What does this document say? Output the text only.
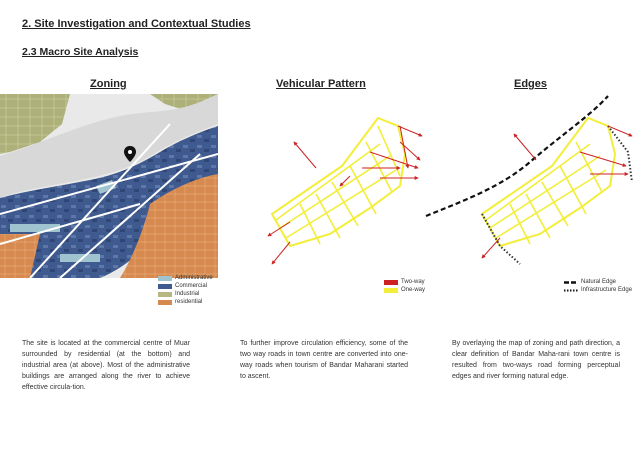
2. Site Investigation and Contextual Studies
2.3 Macro Site Analysis
Zoning	Vehicular Pattern	Edges
Administrative
Commercial
Industrial
residential
Two-way
One-way
Natural Edge
Infrastructure Edge
The site is located at the commercial centre of Muar surrounded by residential (at the bottom) and industrial area (at above). Most of the administrative buildings are arranged along the river to achieve effective circula-tion.
To further improve circulation efficiency, some of the two way roads in town centre are converted into one-way roads when tourism of Bandar Maharani started to ascent.
By overlaying the map of zoning and path direction, a clear definition of Bandar Maha-rani town centre is resulted from two-ways road forming perceptual edges and river forming natural edge.
